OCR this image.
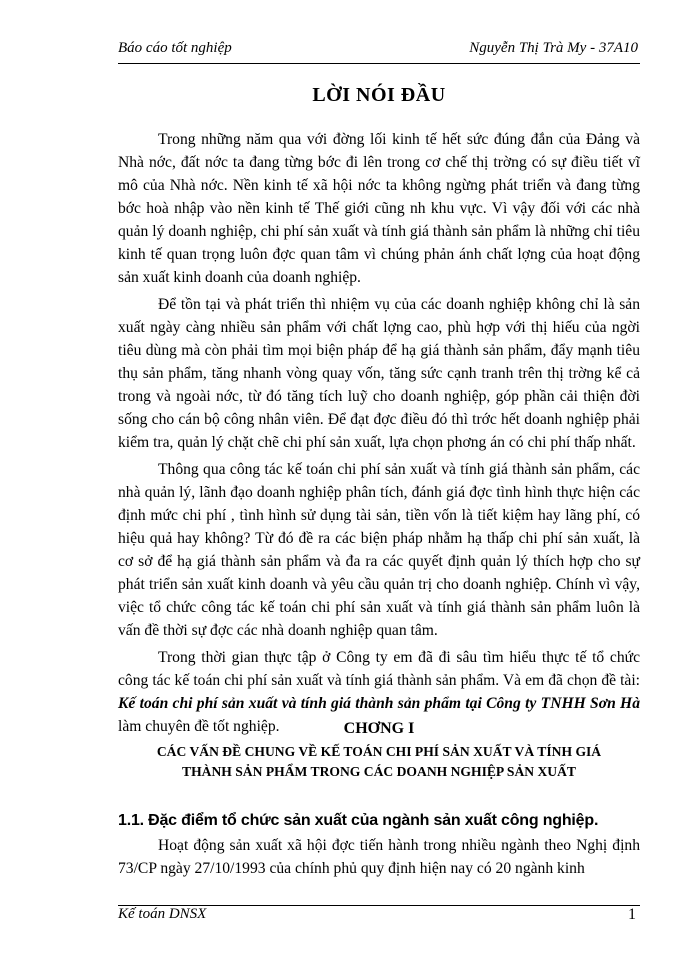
Báo cáo tốt nghiệp	Nguyễn Thị Trà My - 37A10
LỜI NÓI ĐẦU

Trong những năm qua với đờng lối kinh tế hết sức đúng đắn của Đảng và Nhà nớc, đất nớc ta đang từng bớc đi lên trong cơ chế thị trờng có sự điều tiết vĩ mô của Nhà nớc. Nền kinh tế xã hội nớc ta không ngừng phát triển và đang từng bớc hoà nhập vào nền kinh tế Thế giới cũng nh khu vực. Vì vậy đối với các nhà quản lý doanh nghiệp, chi phí sản xuất và tính giá thành sản phẩm là những chỉ tiêu kinh tế quan trọng luôn đợc quan tâm vì chúng phản ánh chất lợng của hoạt động sản xuất kinh doanh của doanh nghiệp.

Để tồn tại và phát triển thì nhiệm vụ của các doanh nghiệp không chỉ là sản xuất ngày càng nhiều sản phẩm với chất lợng cao, phù hợp với thị hiếu của ngời tiêu dùng mà còn phải tìm mọi biện pháp để hạ giá thành sản phẩm, đẩy mạnh tiêu thụ sản phẩm, tăng nhanh vòng quay vốn, tăng sức cạnh tranh trên thị trờng kể cả trong và ngoài nớc, từ đó tăng tích luỹ cho doanh nghiệp, góp phần cải thiện đời sống cho cán bộ công nhân viên. Để đạt đợc điều đó thì trớc hết doanh nghiệp phải kiểm tra, quản lý chặt chẽ chi phí sản xuất, lựa chọn phơng án có chi phí thấp nhất.

Thông qua công tác kế toán chi phí sản xuất và tính giá thành sản phẩm, các nhà quản lý, lãnh đạo doanh nghiệp phân tích, đánh giá đợc tình hình thực hiện các định mức chi phí , tình hình sử dụng tài sản, tiền vốn là tiết kiệm hay lãng phí, có hiệu quả hay không? Từ đó đề ra các biện pháp nhằm hạ thấp chi phí sản xuất, là cơ sở để hạ giá thành sản phẩm và đa ra các quyết định quản lý thích hợp cho sự phát triển sản xuất kinh doanh và yêu cầu quản trị cho doanh nghiệp. Chính vì vậy, việc tổ chức công tác kế toán chi phí sản xuất và tính giá thành sản phẩm luôn là vấn đề thời sự đợc các nhà doanh nghiệp quan tâm.

Trong thời gian thực tập ở Công ty em đã đi sâu tìm hiểu thực tế tổ chức công tác kế toán chi phí sản xuất và tính giá thành sản phẩm. Và em đã chọn đề tài: Kế toán chi phí sản xuất và tính giá thành sản phẩm tại Công ty TNHH Sơn Hà làm chuyên đề tốt nghiệp.	CHƠNG I
CÁC VẤN ĐỀ CHUNG VỀ KẾ TOÁN CHI PHÍ SẢN XUẤT VÀ TÍNH GIÁ
THÀNH SẢN PHẨM TRONG CÁC DOANH NGHIỆP SẢN XUẤT
1.1. Đặc điểm tổ chức sản xuất của ngành sản xuất công nghiệp.

Hoạt động sản xuất xã hội đợc tiến hành trong nhiều ngành theo Nghị định 73/CP ngày 27/10/1993 của chính phủ quy định hiện nay có 20 ngành kinh

Kế toán DNSX	1
